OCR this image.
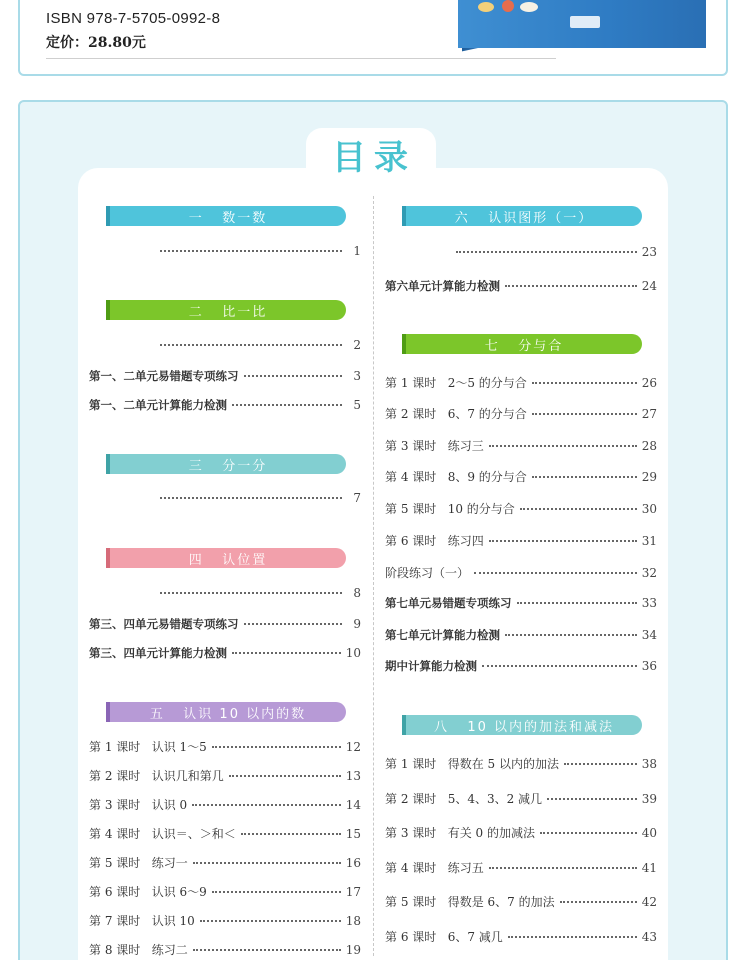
ISBN 978-7-5705-0992-8
定价：28.80元
目录
一   数一数
1
二   比一比
2
第一、二单元易错题专项练习	3
第一、二单元计算能力检测	5
三   分一分
7
四   认位置
8
第三、四单元易错题专项练习	9
第三、四单元计算能力检测	10
五   认识 10 以内的数
第 1 课时   认识 1～5	12
第 2 课时   认识几和第几	13
第 3 课时   认识 0	14
第 4 课时   认识＝、＞和＜	15
第 5 课时   练习一	16
第 6 课时   认识 6～9	17
第 7 课时   认识 10	18
第 8 课时   练习二	19
六   认识图形（一）
23
第六单元计算能力检测	24
七   分与合
第 1 课时   2～5 的分与合	26
第 2 课时   6、7 的分与合	27
第 3 课时   练习三	28
第 4 课时   8、9 的分与合	29
第 5 课时   10 的分与合	30
第 6 课时   练习四	31
阶段练习（一）	32
第七单元易错题专项练习	33
第七单元计算能力检测	34
期中计算能力检测	36
八   10 以内的加法和减法
第 1 课时   得数在 5 以内的加法	38
第 2 课时   5、4、3、2 减几	39
第 3 课时   有关 0 的加减法	40
第 4 课时   练习五	41
第 5 课时   得数是 6、7 的加法	42
第 6 课时   6、7 减几	43
